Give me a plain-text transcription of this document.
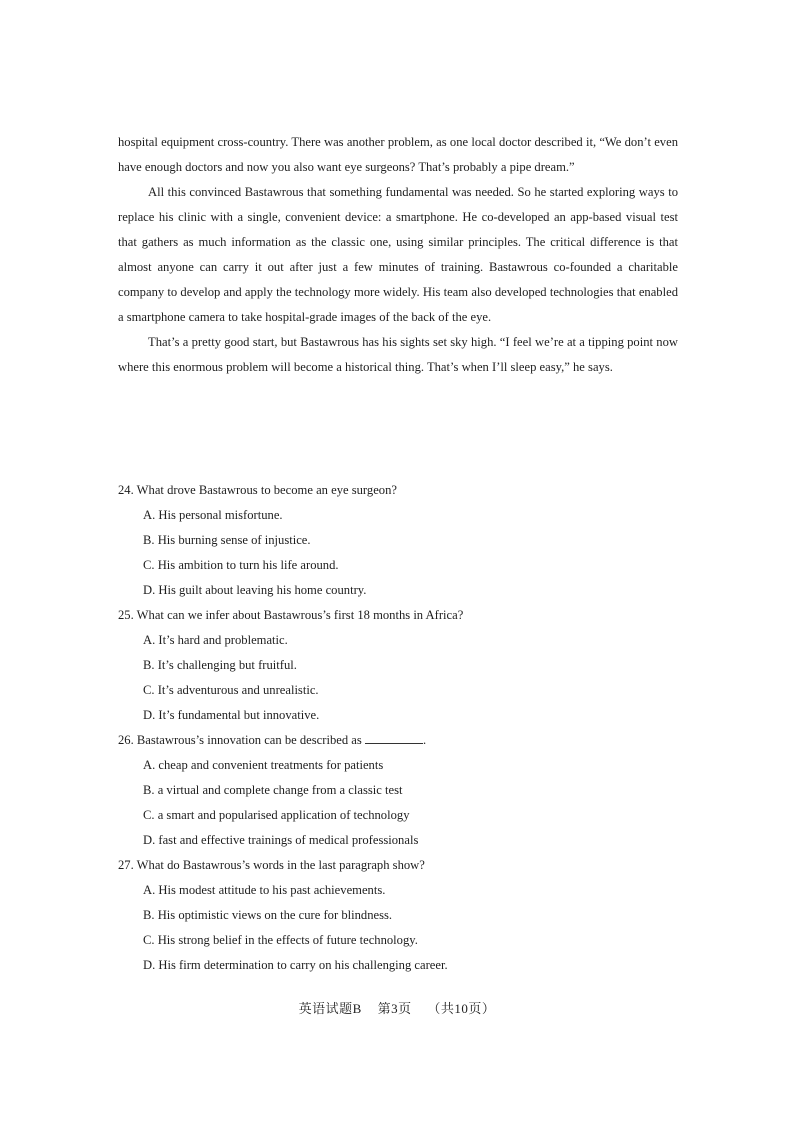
hospital equipment cross-country. There was another problem, as one local doctor described it, “We don’t even have enough doctors and now you also want eye surgeons? That’s probably a pipe dream.”

All this convinced Bastawrous that something fundamental was needed. So he started exploring ways to replace his clinic with a single, convenient device: a smartphone. He co-developed an app-based visual test that gathers as much information as the classic one, using similar principles. The critical difference is that almost anyone can carry it out after just a few minutes of training. Bastawrous co-founded a charitable company to develop and apply the technology more widely. His team also developed technologies that enabled a smartphone camera to take hospital-grade images of the back of the eye.

That’s a pretty good start, but Bastawrous has his sights set sky high. “I feel we’re at a tipping point now where this enormous problem will become a historical thing. That’s when I’ll sleep easy,” he says.

24. What drove Bastawrous to become an eye surgeon?

A. His personal misfortune.

B. His burning sense of injustice.

C. His ambition to turn his life around.

D. His guilt about leaving his home country.

25. What can we infer about Bastawrous’s first 18 months in Africa?

A. It’s hard and problematic.

B. It’s challenging but fruitful.

C. It’s adventurous and unrealistic.

D. It’s fundamental but innovative.

26. Bastawrous’s innovation can be described as	.

A. cheap and convenient treatments for patients

B. a virtual and complete change from a classic test

C. a smart and popularised application of technology

D. fast and effective trainings of medical professionals

27. What do Bastawrous’s words in the last paragraph show?

A. His modest attitude to his past achievements.

B. His optimistic views on the cure for blindness.

C. His strong belief in the effects of future technology.

D. His firm determination to carry on his challenging career.

英语试题B 第3页 （共10页）
